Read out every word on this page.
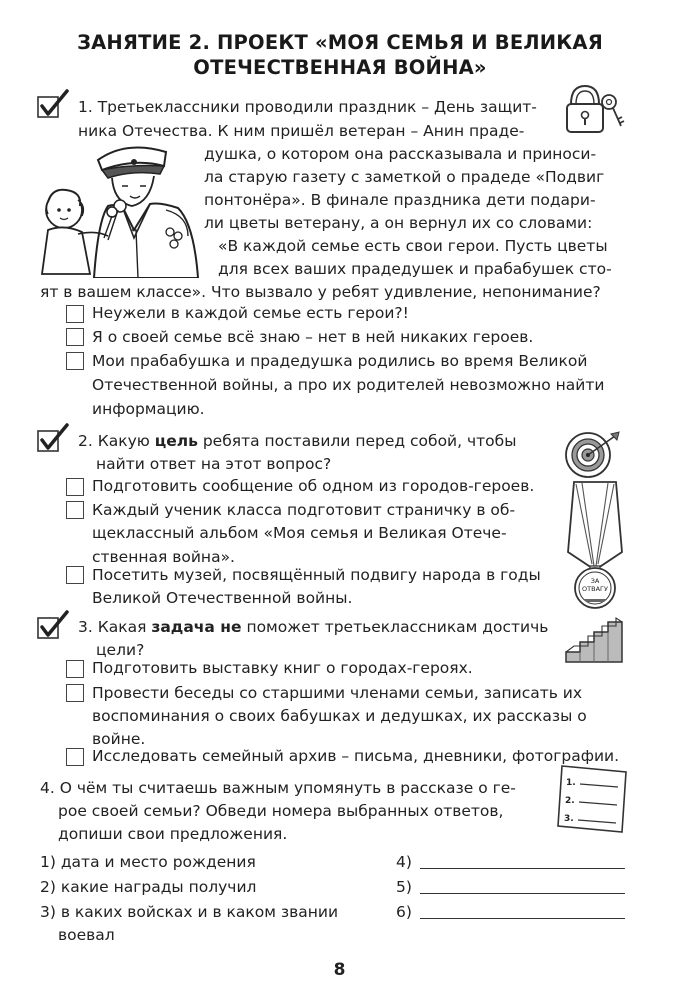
ЗАНЯТИЕ 2. ПРОЕКТ «МОЯ СЕМЬЯ И ВЕЛИКАЯ
ОТЕЧЕСТВЕННАЯ ВОЙНА»
1. Третьеклассники проводили праздник – День защит-
ника Отечества. К ним пришёл ветеран – Анин праде-
душка, о котором она рассказывала и приноси-
ла старую газету с заметкой о прадеде «Подвиг
понтонёра». В финале праздника дети подари-
ли цветы ветерану, а он вернул их со словами:
«В каждой семье есть свои герои. Пусть цветы
для всех ваших прадедушек и прабабушек сто-
ят в вашем классе». Что вызвало у ребят удивление, непонимание?
Неужели в каждой семье есть герои?!
Я о своей семье всё знаю – нет в ней никаких героев.
Мои прабабушка и прадедушка родились во время Великой
Отечественной войны, а про их родителей невозможно найти
информацию.
2. Какую цель ребята поставили перед собой, чтобы
найти ответ на этот вопрос?
Подготовить сообщение об одном из городов-героев.
Каждый ученик класса подготовит страничку в об-
щеклассный альбом «Моя семья и Великая Отече-
ственная война».
Посетить музей, посвящённый подвигу народа в годы
Великой Отечественной войны.
ЗА
ОТВАГУ
3. Какая задача не поможет третьеклассникам достичь
цели?
Подготовить выставку книг о городах-героях.
Провести беседы со старшими членами семьи, записать их
воспоминания о своих бабушках и дедушках, их рассказы о
войне.
Исследовать семейный архив – письма, дневники, фотографии.
4. О чём ты считаешь важным упомянуть в рассказе о ге-
рое своей семьи? Обведи номера выбранных ответов,
допиши свои предложения.
1.
2.
3.
1) дата и место рождения
2) какие награды получил
3) в каких войсках и в каком звании
воевал
4)
5)
6)
8
